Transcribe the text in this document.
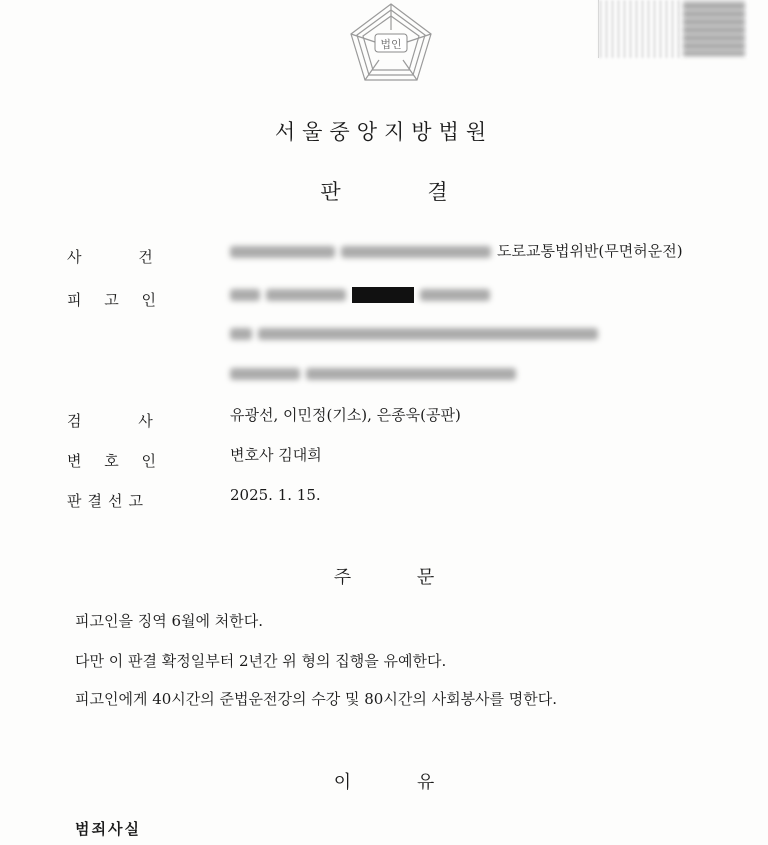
법인
서울중앙지방법원
판 결
사 건	도로교통법위반(무면허운전)
피 고 인
검 사	유광선, 이민정(기소), 은종욱(공판)
변 호 인	변호사 김대희
판결선고	2025. 1. 15.
주 문
피고인을 징역 6월에 처한다.
다만 이 판결 확정일부터 2년간 위 형의 집행을 유예한다.
피고인에게 40시간의 준법운전강의 수강 및 80시간의 사회봉사를 명한다.
이 유
범죄사실
